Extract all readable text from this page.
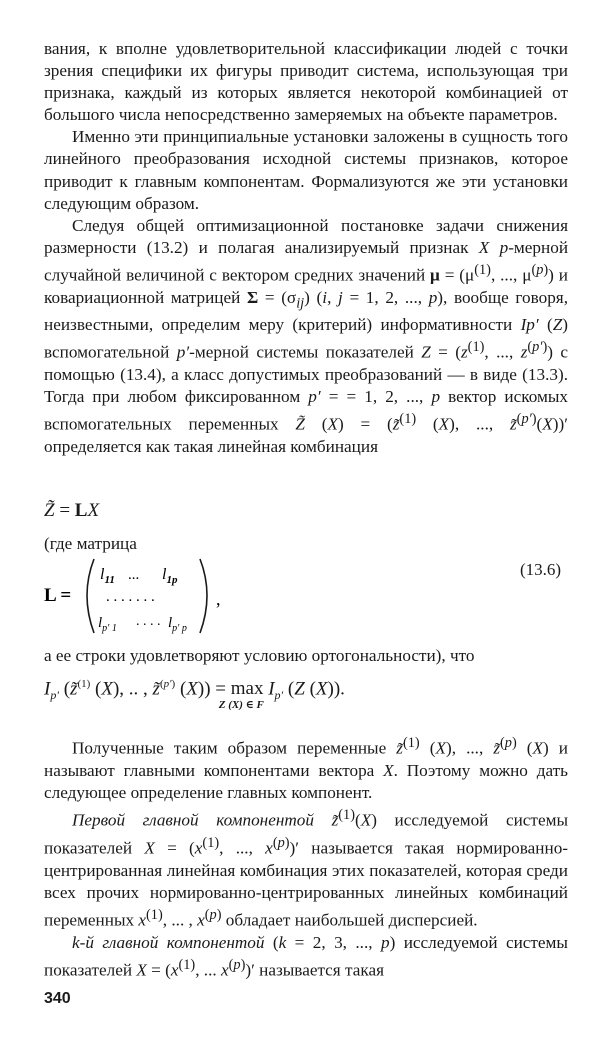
вания, к вполне удовлетворительной классификации людей с точки зрения специфики их фигуры приводит система, использующая три признака, каждый из которых является некоторой комбинацией от большого числа непосредственно замеряемых на объекте параметров.

Именно эти принципиальные установки заложены в сущность того линейного преобразования исходной системы признаков, которое приводит к главным компонентам. Формализуются же эти установки следующим образом.

Следуя общей оптимизационной постановке задачи снижения размерности (13.2) и полагая анализируемый признак X p-мерной случайной величиной с вектором средних значений $\mu = (\mu^{(1)}$, ..., $\mu^{(p)}$) и ковариационной матрицей $\Sigma = (\sigma_{ij})$ (i, j = 1, 2, ..., p), вообще говоря, неизвестными, определим меру (критерий) информативности Ip′ (Z) вспомогательной p′-мерной системы показателей $Z = (z^{(1)}$, ..., $z^{(p')}$) с помощью (13.4), а класс допустимых преобразований — в виде (13.3). Тогда при любом фиксированном p′ = = 1, 2, ..., p вектор искомых вспомогательных переменных Z̃ (X) = (z̃$^{(1)}$ (X), ..., z̃$^{(p')}$(X))′ определяется как такая линейная комбинация

Z̃ = LX
(где матрица
(13.6)
L =
$l_{11}$ ... $l_{1p}$
. . . . . . .
$l_{p' 1}$ . . . . $l_{p' p}$
,
а ее строки удовлетворяют условию ортогональности), что
$I_{p'}$ (z̃$^{(1)}$ (X), .. , z̃$^{(p')}$ (X)) = max
Z (X) ∈ F
$I_{p'}$ (Z (X)).

Полученные таким образом переменные z̃$^{(1)}$ (X), ..., z̃$^{(p)}$ (X) и называют главными компонентами вектора X. Поэтому можно дать следующее определение главных компонент.

Первой главной компонентой z̃$^{(1)}$(X) исследуемой системы показателей $X = (x^{(1)}$, ..., $x^{(p)})'$ называется такая нормированно-центрированная линейная комбинация этих показателей, которая среди всех прочих нормированно-центрированных линейных комбинаций переменных $x^{(1)}$, ... , $x^{(p)}$ обладает наибольшей дисперсией.

k-й главной компонентой (k = 2, 3, ..., p) исследуемой системы показателей $X = (x^{(1)}$, ... $x^{(p)})'$ называется такая

340
